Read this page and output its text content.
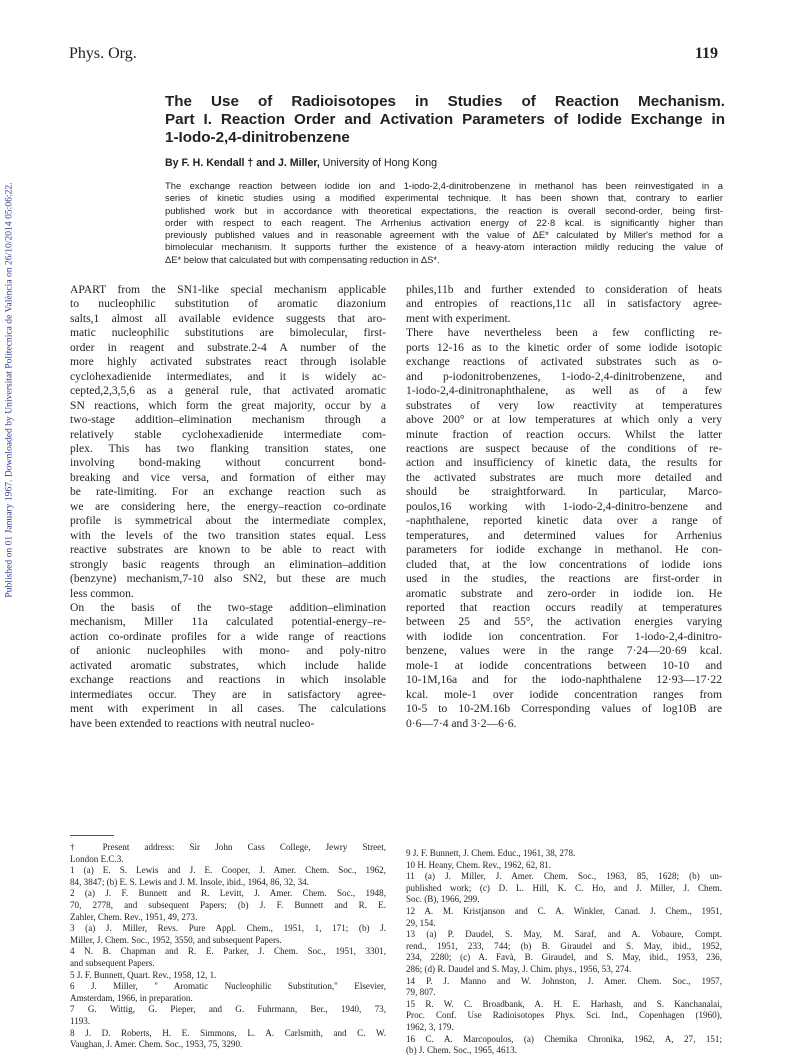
Phys. Org.	119
Published on 01 January 1967. Downloaded by Universitat Politecnica de València on 26/10/2014 05:06:22.
The Use of Radioisotopes in Studies of Reaction Mechanism.
Part I. Reaction Order and Activation Parameters of Iodide Exchange in
1-Iodo-2,4-dinitrobenzene
By F. H. Kendall † and J. Miller, University of Hong Kong
The exchange reaction between iodide ion and 1-iodo-2,4-dinitrobenzene in methanol has been reinvestigated in a
series of kinetic studies using a modified experimental technique. It has been shown that, contrary to earlier
published work but in accordance with theoretical expectations, the reaction is overall second-order, being first-
order with respect to each reagent. The Arrhenius activation energy of 22·8 kcal. is significantly higher than
previously published values and in reasonable agreement with the value of ΔE* calculated by Miller's method for a
bimolecular mechanism. It supports further the existence of a heavy-atom interaction mildly reducing the value of
ΔE* below that calculated but with compensating reduction in ΔS*.
APART from the SN1-like special mechanism applicable
to nucleophilic substitution of aromatic diazonium
salts,1 almost all available evidence suggests that aro-
matic nucleophilic substitutions are bimolecular, first-
order in reagent and substrate.2-4 A number of the
more highly activated substrates react through isolable
cyclohexadienide intermediates, and it is widely ac-
cepted,2,3,5,6 as a general rule, that activated aromatic
SN reactions, which form the great majority, occur by a
two-stage addition–elimination mechanism through a
relatively stable cyclohexadienide intermediate com-
plex. This has two flanking transition states, one
involving bond-making without concurrent bond-
breaking and vice versa, and formation of either may
be rate-limiting. For an exchange reaction such as
we are considering here, the energy–reaction co-ordinate
profile is symmetrical about the intermediate complex,
with the levels of the two transition states equal. Less
reactive substrates are known to be able to react with
strongly basic reagents through an elimination–addition
(benzyne) mechanism,7-10 also SN2, but these are much
less common.
On the basis of the two-stage addition–elimination
mechanism, Miller 11a calculated potential-energy–re-
action co-ordinate profiles for a wide range of reactions
of anionic nucleophiles with mono- and poly-nitro
activated aromatic substrates, which include halide
exchange reactions and reactions in which insolable
intermediates occur. They are in satisfactory agree-
ment with experiment in all cases. The calculations
have been extended to reactions with neutral nucleo-
philes,11b and further extended to consideration of heats
and entropies of reactions,11c all in satisfactory agree-
ment with experiment.
There have nevertheless been a few conflicting re-
ports 12-16 as to the kinetic order of some iodide isotopic
exchange reactions of activated substrates such as o-
and p-iodonitrobenzenes, 1-iodo-2,4-dinitrobenzene, and
1-iodo-2,4-dinitronaphthalene, as well as of a few
substrates of very low reactivity at temperatures
above 200° or at low temperatures at which only a very
minute fraction of reaction occurs. Whilst the latter
reactions are suspect because of the conditions of re-
action and insufficiency of kinetic data, the results for
the activated substrates are much more detailed and
should be straightforward. In particular, Marco-
poulos,16 working with 1-iodo-2,4-dinitro-benzene and
-naphthalene, reported kinetic data over a range of
temperatures, and determined values for Arrhenius
parameters for iodide exchange in methanol. He con-
cluded that, at the low concentrations of iodide ions
used in the studies, the reactions are first-order in
aromatic substrate and zero-order in iodide ion. He
reported that reaction occurs readily at temperatures
between 25 and 55°, the activation energies varying
with iodide ion concentration. For 1-iodo-2,4-dinitro-
benzene, values were in the range 7·24—20·69 kcal.
mole-1 at iodide concentrations between 10-10 and
10-1M,16a and for the iodo-naphthalene 12·93—17·22
kcal. mole-1 over iodide concentration ranges from
10-5 to 10-2M.16b Corresponding values of log10B are
0·6—7·4 and 3·2—6·6.
† Present address: Sir John Cass College, Jewry Street,
London E.C.3.
1 (a) E. S. Lewis and J. E. Cooper, J. Amer. Chem. Soc., 1962,
84, 3847; (b) E. S. Lewis and J. M. Insole, ibid., 1964, 86, 32, 34.
2 (a) J. F. Bunnett and R. Levitt, J. Amer. Chem. Soc., 1948,
70, 2778, and subsequent Papers; (b) J. F. Bunnett and R. E.
Zahler, Chem. Rev., 1951, 49, 273.
3 (a) J. Miller, Revs. Pure Appl. Chem., 1951, 1, 171; (b) J.
Miller, J. Chem. Soc., 1952, 3550, and subsequent Papers.
4 N. B. Chapman and R. E. Parker, J. Chem. Soc., 1951, 3301,
and subsequent Papers.
5 J. F. Bunnett, Quart. Rev., 1958, 12, 1.
6 J. Miller, " Aromatic Nucleophilic Substitution," Elsevier,
Amsterdam, 1966, in preparation.
7 G. Wittig, G. Pieper, and G. Fuhrmann, Ber., 1940, 73,
1193.
8 J. D. Roberts, H. E. Simmons, L. A. Carlsmith, and C. W.
Vaughan, J. Amer. Chem. Soc., 1953, 75, 3290.
9 J. F. Bunnett, J. Chem. Educ., 1961, 38, 278.
10 H. Heany, Chem. Rev., 1962, 62, 81.
11 (a) J. Miller, J. Amer. Chem. Soc., 1963, 85, 1628; (b) un-
published work; (c) D. L. Hill, K. C. Ho, and J. Miller, J. Chem.
Soc. (B), 1966, 299.
12 A. M. Kristjanson and C. A. Winkler, Canad. J. Chem., 1951,
29, 154.
13 (a) P. Daudel, S. May, M. Saraf, and A. Vobaure, Compt.
rend., 1951, 233, 744; (b) B. Giraudel and S. May, ibid., 1952,
234, 2280; (c) A. Favà, B. Giraudel, and S. May, ibid., 1953, 236,
286; (d) R. Daudel and S. May, J. Chim. phys., 1956, 53, 274.
14 P. J. Manno and W. Johnston, J. Amer. Chem. Soc., 1957,
79, 807.
15 R. W. C. Broadbank, A. H. E. Harhash, and S. Kanchanalai,
Proc. Conf. Use Radioisotopes Phys. Sci. Ind., Copenhagen (1960),
1962, 3, 179.
16 C. A. Marcopoulos, (a) Chemika Chronika, 1962, A, 27, 151;
(b) J. Chem. Soc., 1965, 4613.
